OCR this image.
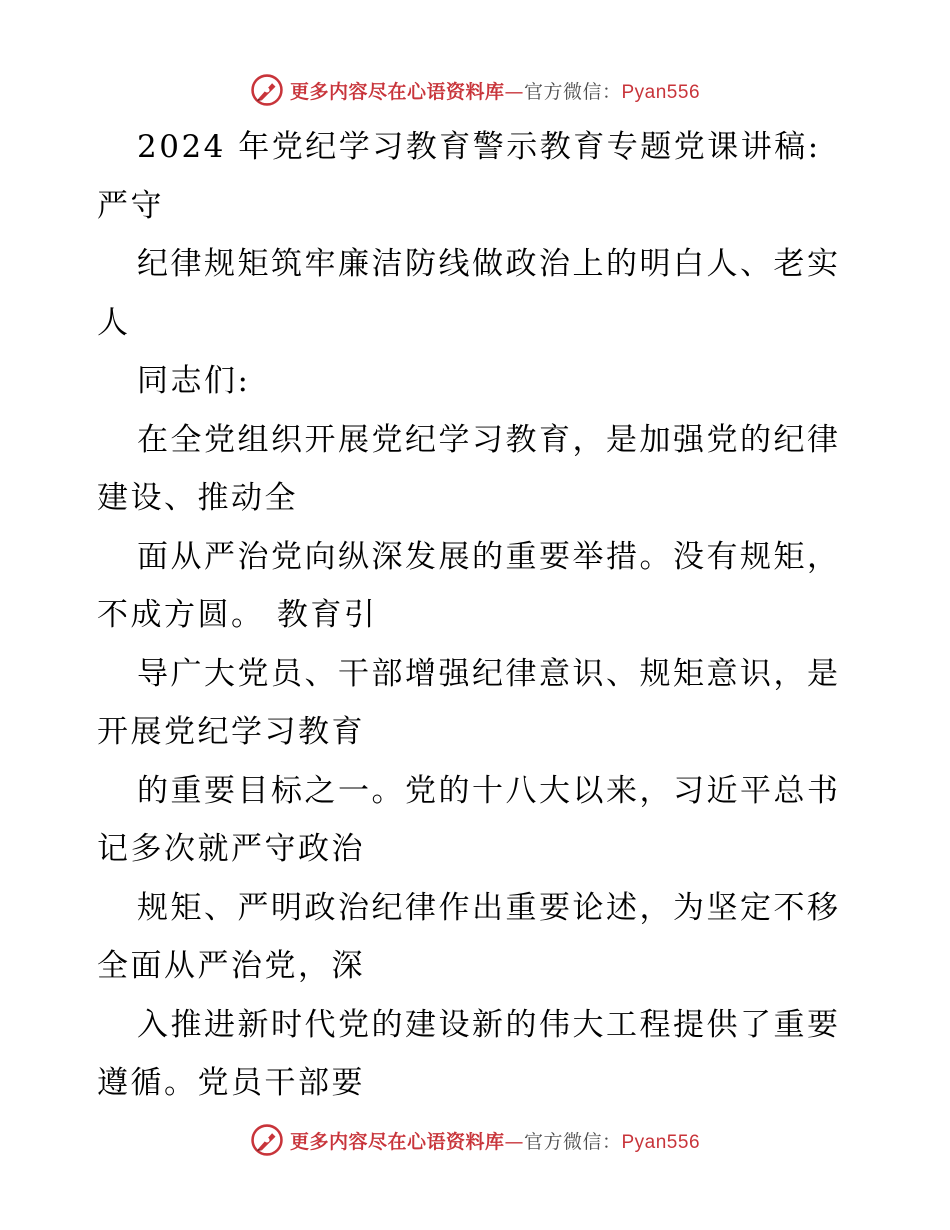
更多内容尽在心语资料库—官方微信：Pyan556
2024 年党纪学习教育警示教育专题党课讲稿:
严守
纪律规矩筑牢廉洁防线做政治上的明白人、老实
人
同志们:
在全党组织开展党纪学习教育，是加强党的纪律
建设、推动全
面从严治党向纵深发展的重要举措。没有规矩，
不成方圆。 教育引
导广大党员、干部增强纪律意识、规矩意识，是
开展党纪学习教育
的重要目标之一。党的十八大以来，习近平总书
记多次就严守政治
规矩、严明政治纪律作出重要论述，为坚定不移
全面从严治党，深
入推进新时代党的建设新的伟大工程提供了重要
遵循。党员干部要
更多内容尽在心语资料库—官方微信：Pyan556
